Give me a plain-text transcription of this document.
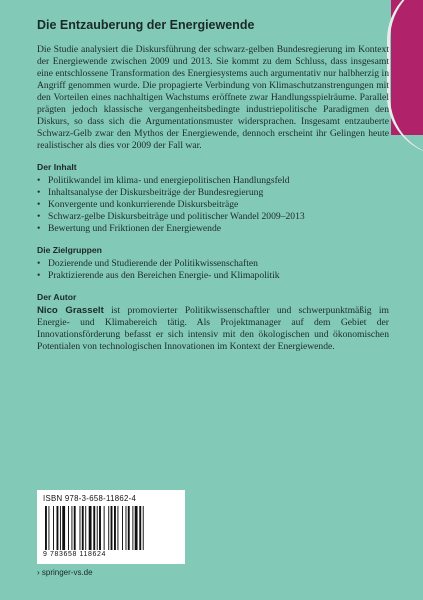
Die Entzauberung der Energiewende

Die Studie analysiert die Diskursführung der schwarz-gelben Bundesregierung im Kontext der Energiewende zwischen 2009 und 2013. Sie kommt zu dem Schluss, dass insgesamt eine entschlossene Transformation des Energiesystems auch argumentativ nur halbherzig in Angriff genommen wurde. Die propagierte Verbindung von Klimaschutzanstrengungen mit den Vorteilen eines nachhaltigen Wachstums eröffnete zwar Handlungsspielräume. Parallel prägten jedoch klassische vergangenheitsbedingte industriepolitische Paradigmen den Diskurs, so dass sich die Argumentationsmuster widersprachen. Insgesamt entzauberte Schwarz-Gelb zwar den Mythos der Energiewende, dennoch erscheint ihr Gelingen heute realistischer als dies vor 2009 der Fall war.

Der Inhalt
• Politikwandel im klima- und energiepolitischen Handlungsfeld
• Inhaltsanalyse der Diskursbeiträge der Bundesregierung
• Konvergente und konkurrierende Diskursbeiträge
• Schwarz-gelbe Diskursbeiträge und politischer Wandel 2009–2013
• Bewertung und Friktionen der Energiewende
Die Zielgruppen
• Dozierende und Studierende der Politikwissenschaften
• Praktizierende aus den Bereichen Energie- und Klimapolitik
Der Autor

Nico Grasselt ist promovierter Politikwissenschaftler und schwerpunktmäßig im Energie- und Klimabereich tätig. Als Projektmanager auf dem Gebiet der Innovationsförderung befasst er sich intensiv mit den ökologischen und ökonomischen Potentialen von technologischen Innovationen im Kontext der Energiewende.

ISBN 978-3-658-11862-4
9 783658 118624
› springer-vs.de
